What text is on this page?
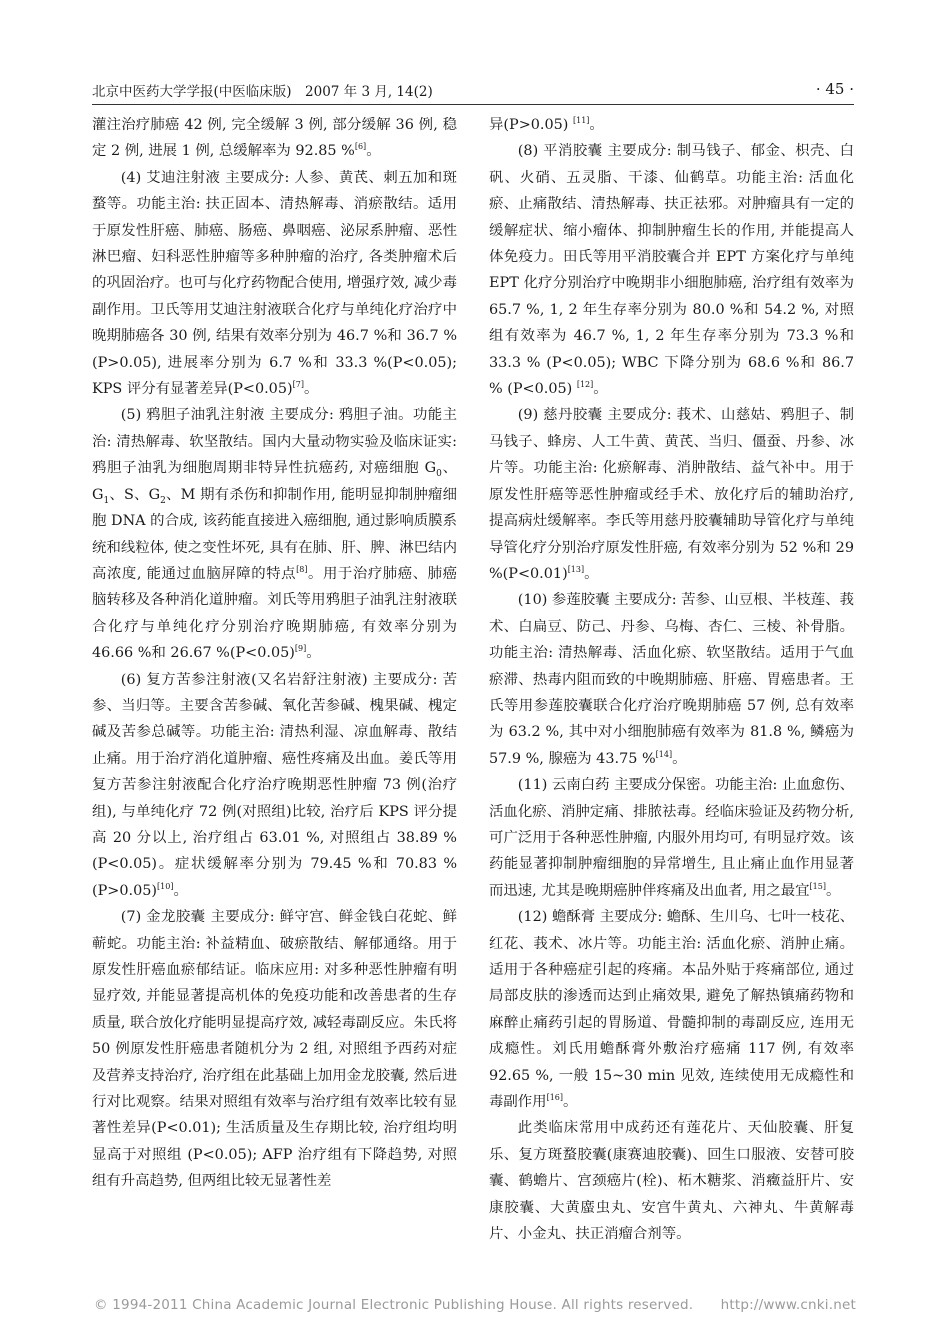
北京中医药大学学报(中医临床版)　2007 年 3 月, 14(2)	· 45 ·

灌注治疗肺癌 42 例, 完全缓解 3 例, 部分缓解 36 例, 稳定 2 例, 进展 1 例, 总缓解率为 92.85 %[6]。

(4) 艾迪注射液 主要成分: 人参、黄芪、刺五加和斑蝥等。功能主治: 扶正固本、清热解毒、消瘀散结。适用于原发性肝癌、肺癌、肠癌、鼻咽癌、泌尿系肿瘤、恶性淋巴瘤、妇科恶性肿瘤等多种肿瘤的治疗, 各类肿瘤术后的巩固治疗。也可与化疗药物配合使用, 增强疗效, 减少毒副作用。卫氏等用艾迪注射液联合化疗与单纯化疗治疗中晚期肺癌各 30 例, 结果有效率分别为 46.7 %和 36.7 %(P>0.05), 进展率分别为 6.7 %和 33.3 %(P<0.05); KPS 评分有显著差异(P<0.05)[7]。

(5) 鸦胆子油乳注射液 主要成分: 鸦胆子油。功能主治: 清热解毒、软坚散结。国内大量动物实验及临床证实: 鸦胆子油乳为细胞周期非特异性抗癌药, 对癌细胞 $G_0$、$G_1$、S、$G_2$、M 期有杀伤和抑制作用, 能明显抑制肿瘤细胞 DNA 的合成, 该药能直接进入癌细胞, 通过影响质膜系统和线粒体, 使之变性坏死, 具有在肺、肝、脾、淋巴结内高浓度, 能通过血脑屏障的特点[8]。用于治疗肺癌、肺癌脑转移及各种消化道肿瘤。刘氏等用鸦胆子油乳注射液联合化疗与单纯化疗分别治疗晚期肺癌, 有效率分别为 46.66 %和 26.67 %(P<0.05)[9]。

(6) 复方苦参注射液(又名岩舒注射液) 主要成分: 苦参、当归等。主要含苦参碱、氧化苦参碱、槐果碱、槐定碱及苦参总碱等。功能主治: 清热利湿、凉血解毒、散结止痛。用于治疗消化道肿瘤、癌性疼痛及出血。姜氏等用复方苦参注射液配合化疗治疗晚期恶性肿瘤 73 例(治疗组), 与单纯化疗 72 例(对照组)比较, 治疗后 KPS 评分提高 20 分以上, 治疗组占 63.01 %, 对照组占 38.89 %(P<0.05)。症状缓解率分别为 79.45 %和 70.83 %(P>0.05)[10]。

(7) 金龙胶囊 主要成分: 鲜守宫、鲜金钱白花蛇、鲜蕲蛇。功能主治: 补益精血、破瘀散结、解郁通络。用于原发性肝癌血瘀郁结证。临床应用: 对多种恶性肿瘤有明显疗效, 并能显著提高机体的免疫功能和改善患者的生存质量, 联合放化疗能明显提高疗效, 减轻毒副反应。朱氏将 50 例原发性肝癌患者随机分为 2 组, 对照组予西药对症及营养支持治疗, 治疗组在此基础上加用金龙胶囊, 然后进行对比观察。结果对照组有效率与治疗组有效率比较有显著性差异(P<0.01); 生活质量及生存期比较, 治疗组均明显高于对照组 (P<0.05); AFP 治疗组有下降趋势, 对照组有升高趋势, 但两组比较无显著性差

异(P>0.05) [11]。

(8) 平消胶囊 主要成分: 制马钱子、郁金、枳壳、白矾、火硝、五灵脂、干漆、仙鹤草。功能主治: 活血化瘀、止痛散结、清热解毒、扶正祛邪。对肿瘤具有一定的缓解症状、缩小瘤体、抑制肿瘤生长的作用, 并能提高人体免疫力。田氏等用平消胶囊合并 EPT 方案化疗与单纯 EPT 化疗分别治疗中晚期非小细胞肺癌, 治疗组有效率为 65.7 %, 1, 2 年生存率分别为 80.0 %和 54.2 %, 对照组有效率为 46.7 %, 1, 2 年生存率分别为 73.3 %和 33.3 % (P<0.05); WBC 下降分别为 68.6 %和 86.7 % (P<0.05) [12]。

(9) 慈丹胶囊 主要成分: 莪术、山慈姑、鸦胆子、制马钱子、蜂房、人工牛黄、黄芪、当归、僵蚕、丹参、冰片等。功能主治: 化瘀解毒、消肿散结、益气补中。用于原发性肝癌等恶性肿瘤或经手术、放化疗后的辅助治疗, 提高病灶缓解率。李氏等用慈丹胶囊辅助导管化疗与单纯导管化疗分别治疗原发性肝癌, 有效率分别为 52 %和 29 %(P<0.01)[13]。

(10) 参莲胶囊 主要成分: 苦参、山豆根、半枝莲、莪术、白扁豆、防己、丹参、乌梅、杏仁、三棱、补骨脂。功能主治: 清热解毒、活血化瘀、软坚散结。适用于气血瘀滞、热毒内阻而致的中晚期肺癌、肝癌、胃癌患者。王氏等用参莲胶囊联合化疗治疗晚期肺癌 57 例, 总有效率为 63.2 %, 其中对小细胞肺癌有效率为 81.8 %, 鳞癌为 57.9 %, 腺癌为 43.75 %[14]。

(11) 云南白药 主要成分保密。功能主治: 止血愈伤、活血化瘀、消肿定痛、排脓祛毒。经临床验证及药物分析, 可广泛用于各种恶性肿瘤, 内服外用均可, 有明显疗效。该药能显著抑制肿瘤细胞的异常增生, 且止痛止血作用显著而迅速, 尤其是晚期癌肿伴疼痛及出血者, 用之最宜[15]。

(12) 蟾酥膏 主要成分: 蟾酥、生川乌、七叶一枝花、红花、莪术、冰片等。功能主治: 活血化瘀、消肿止痛。适用于各种癌症引起的疼痛。本品外贴于疼痛部位, 通过局部皮肤的渗透而达到止痛效果, 避免了解热镇痛药物和麻醉止痛药引起的胃肠道、骨髓抑制的毒副反应, 连用无成瘾性。刘氏用蟾酥膏外敷治疗癌痛 117 例, 有效率 92.65 %, 一般 15~30 min 见效, 连续使用无成瘾性和毒副作用[16]。

此类临床常用中成药还有莲花片、天仙胶囊、肝复乐、复方斑蝥胶囊(康赛迪胶囊)、回生口服液、安替可胶囊、鹤蟾片、宫颈癌片(栓)、柘木糖浆、消癥益肝片、安康胶囊、大黄䗪虫丸、安宫牛黄丸、六神丸、牛黄解毒片、小金丸、扶正消瘤合剂等。

© 1994-2011 China Academic Journal Electronic Publishing House. All rights reserved.　　http://www.cnki.net
